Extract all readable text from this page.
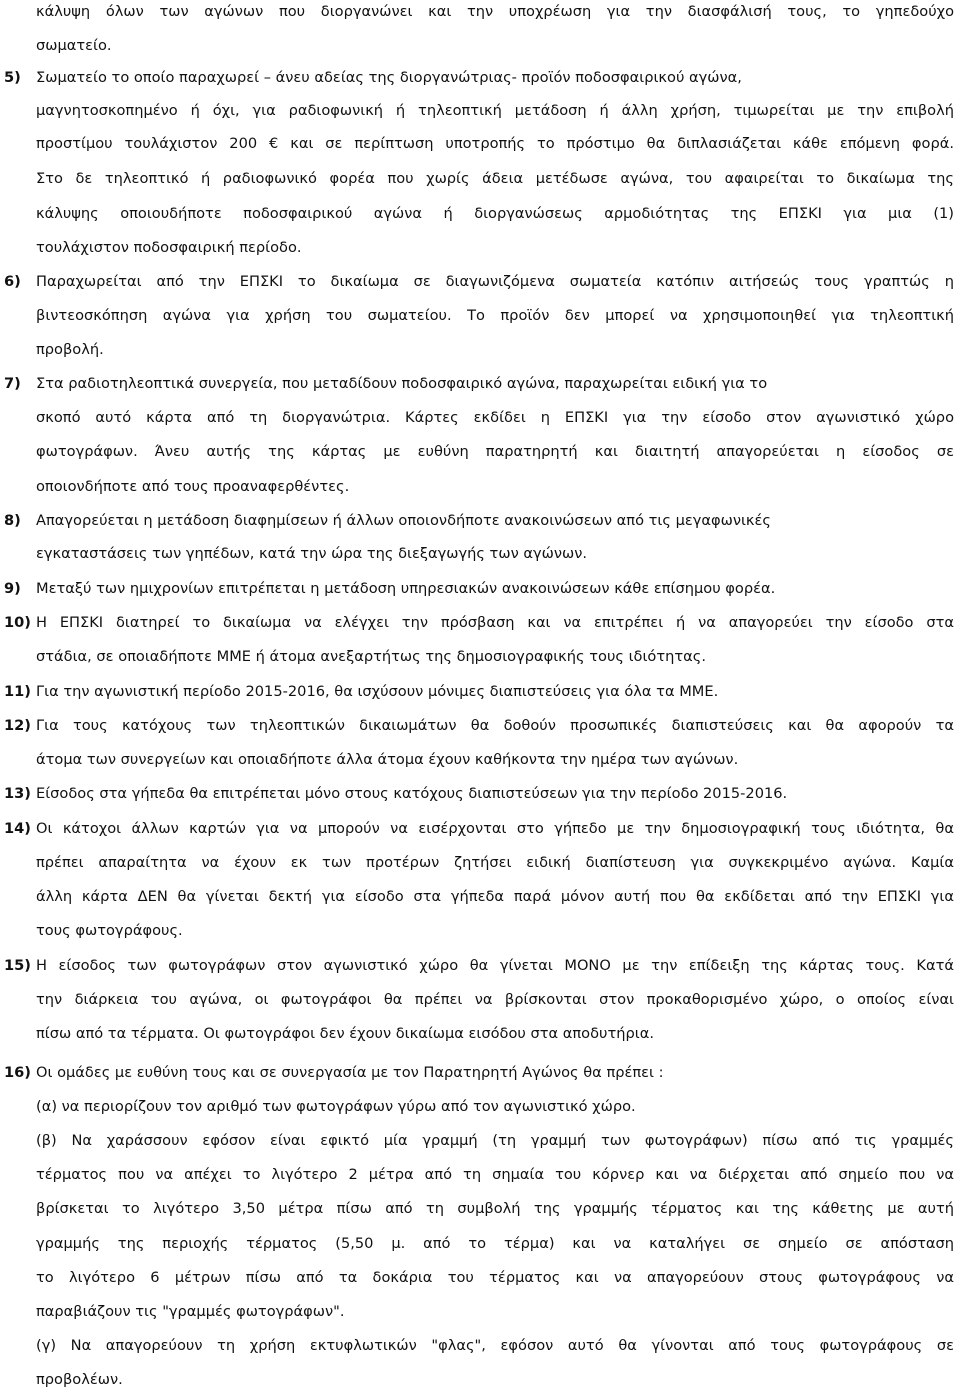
κάλυψη όλων των αγώνων που διοργανώνει και την υποχρέωση για την διασφάλισή τους, το γηπεδούχο
σωματείο.
5) Σωματείο το οποίο παραχωρεί – άνευ αδείας της διοργανώτριας- προϊόν ποδοσφαιρικού αγώνα,
μαγνητοσκοπημένο ή όχι, για ραδιοφωνική ή τηλεοπτική μετάδοση ή άλλη χρήση, τιμωρείται με την επιβολή
προστίμου τουλάχιστον 200 € και σε περίπτωση υποτροπής το πρόστιμο θα διπλασιάζεται κάθε επόμενη φορά.
Στο δε τηλεοπτικό ή ραδιοφωνικό φορέα που χωρίς άδεια μετέδωσε αγώνα, του αφαιρείται το δικαίωμα της
κάλυψης οποιουδήποτε ποδοσφαιρικού αγώνα ή διοργανώσεως αρμοδιότητας της ΕΠΣΚΙ για μια (1)
τουλάχιστον ποδοσφαιρική περίοδο.
6) Παραχωρείται από την ΕΠΣΚΙ το δικαίωμα σε διαγωνιζόμενα σωματεία κατόπιν αιτήσεώς τους γραπτώς η
βιντεοσκόπηση αγώνα για χρήση του σωματείου. Το προϊόν δεν μπορεί να χρησιμοποιηθεί για τηλεοπτική
προβολή.
7) Στα ραδιοτηλεοπτικά συνεργεία, που μεταδίδουν ποδοσφαιρικό αγώνα, παραχωρείται ειδική για το
σκοπό αυτό κάρτα από τη διοργανώτρια. Κάρτες εκδίδει η ΕΠΣΚΙ για την είσοδο στον αγωνιστικό χώρο
φωτογράφων. Άνευ αυτής της κάρτας με ευθύνη παρατηρητή και διαιτητή απαγορεύεται η είσοδος σε
οποιονδήποτε από τους προαναφερθέντες.
8) Απαγορεύεται η μετάδοση διαφημίσεων ή άλλων οποιονδήποτε ανακοινώσεων από τις μεγαφωνικές
εγκαταστάσεις των γηπέδων, κατά την ώρα της διεξαγωγής των αγώνων.
9) Μεταξύ των ημιχρονίων επιτρέπεται η μετάδοση υπηρεσιακών ανακοινώσεων κάθε επίσημου φορέα.
10) Η ΕΠΣΚΙ διατηρεί το δικαίωμα να ελέγχει την πρόσβαση και να επιτρέπει ή να απαγορεύει την είσοδο στα
στάδια, σε οποιαδήποτε ΜΜΕ ή άτομα ανεξαρτήτως της δημοσιογραφικής τους ιδιότητας.
11) Για την αγωνιστική περίοδο 2015-2016, θα ισχύσουν μόνιμες διαπιστεύσεις για όλα τα ΜΜΕ.
12) Για τους κατόχους των τηλεοπτικών δικαιωμάτων θα δοθούν προσωπικές διαπιστεύσεις και θα αφορούν τα
άτομα των συνεργείων και οποιαδήποτε άλλα άτομα έχουν καθήκοντα την ημέρα των αγώνων.
13) Είσοδος στα γήπεδα θα επιτρέπεται μόνο στους κατόχους διαπιστεύσεων για την περίοδο 2015-2016.
14) Οι κάτοχοι άλλων καρτών για να μπορούν να εισέρχονται στο γήπεδο με την δημοσιογραφική τους ιδιότητα, θα
πρέπει απαραίτητα να έχουν εκ των προτέρων ζητήσει ειδική διαπίστευση για συγκεκριμένο αγώνα. Καμία
άλλη κάρτα ΔΕΝ θα γίνεται δεκτή για είσοδο στα γήπεδα παρά μόνον αυτή που θα εκδίδεται από την ΕΠΣΚΙ για
τους φωτογράφους.
15) Η είσοδος των φωτογράφων στον αγωνιστικό χώρο θα γίνεται ΜΟΝΟ με την επίδειξη της κάρτας τους. Κατά
την διάρκεια του αγώνα, οι φωτογράφοι θα πρέπει να βρίσκονται στον προκαθορισμένο χώρο, ο οποίος είναι
πίσω από τα τέρματα. Οι φωτογράφοι δεν έχουν δικαίωμα εισόδου στα αποδυτήρια.
16) Οι ομάδες με ευθύνη τους και σε συνεργασία με τον Παρατηρητή Αγώνος θα πρέπει :
(α) να περιορίζουν τον αριθμό των φωτογράφων γύρω από τον αγωνιστικό χώρο.
(β) Να χαράσσουν εφόσον είναι εφικτό μία γραμμή (τη γραμμή των φωτογράφων) πίσω από τις γραμμές
τέρματος που να απέχει το λιγότερο 2 μέτρα από τη σημαία του κόρνερ και να διέρχεται από σημείο που να
βρίσκεται το λιγότερο 3,50 μέτρα πίσω από τη συμβολή της γραμμής τέρματος και της κάθετης με αυτή
γραμμής της περιοχής τέρματος (5,50 μ. από το τέρμα) και να καταλήγει σε σημείο σε απόσταση
το λιγότερο 6 μέτρων πίσω από τα δοκάρια του τέρματος και να απαγορεύουν στους φωτογράφους να
παραβιάζουν τις "γραμμές φωτογράφων".
(γ) Να απαγορεύουν τη χρήση εκτυφλωτικών "φλας", εφόσον αυτό θα γίνονται από τους φωτογράφους σε
προβολέων.
